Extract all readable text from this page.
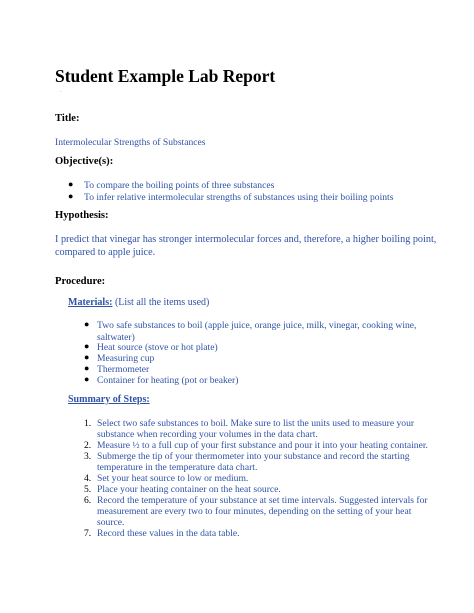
Student Example Lab Report
.
Title:
Intermolecular Strengths of Substances
Objective(s):
● To compare the boiling points of three substances
● To infer relative intermolecular strengths of substances using their boiling points
Hypothesis:
I predict that vinegar has stronger intermolecular forces and, therefore, a higher boiling point,
compared to apple juice.
Procedure:
Materials: (List all the items used)
● Two safe substances to boil (apple juice, orange juice, milk, vinegar, cooking wine,
saltwater)
● Heat source (stove or hot plate)
● Measuring cup
● Thermometer
● Container for heating (pot or beaker)
Summary of Steps:
1. Select two safe substances to boil. Make sure to list the units used to measure your
substance when recording your volumes in the data chart.
2. Measure ½ to a full cup of your first substance and pour it into your heating container.
3. Submerge the tip of your thermometer into your substance and record the starting
temperature in the temperature data chart.
4. Set your heat source to low or medium.
5. Place your heating container on the heat source.
6. Record the temperature of your substance at set time intervals. Suggested intervals for
measurement are every two to four minutes, depending on the setting of your heat
source.
7. Record these values in the data table.
